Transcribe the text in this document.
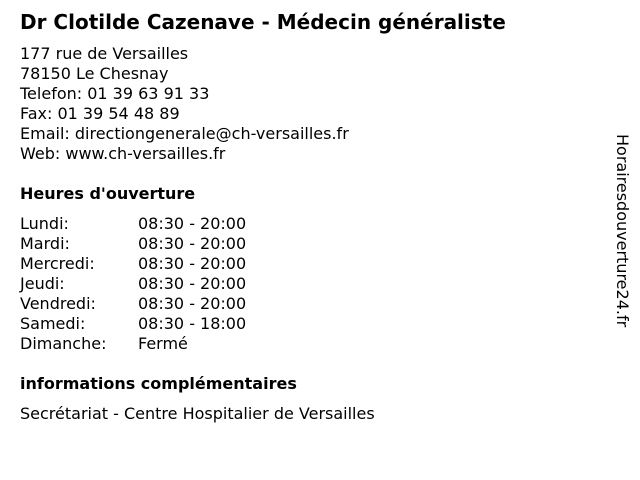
Dr Clotilde Cazenave - Médecin généraliste
177 rue de Versailles
78150 Le Chesnay
Telefon: 01 39 63 91 33
Fax: 01 39 54 48 89
Email: directiongenerale@ch-versailles.fr
Web: www.ch-versailles.fr
Heures d'ouverture
Lundi:	08:30 - 20:00
Mardi:	08:30 - 20:00
Mercredi:	08:30 - 20:00
Jeudi:	08:30 - 20:00
Vendredi:	08:30 - 20:00
Samedi:	08:30 - 18:00
Dimanche:	Fermé
informations complémentaires
Secrétariat - Centre Hospitalier de Versailles
Horairesdouverture24.fr
